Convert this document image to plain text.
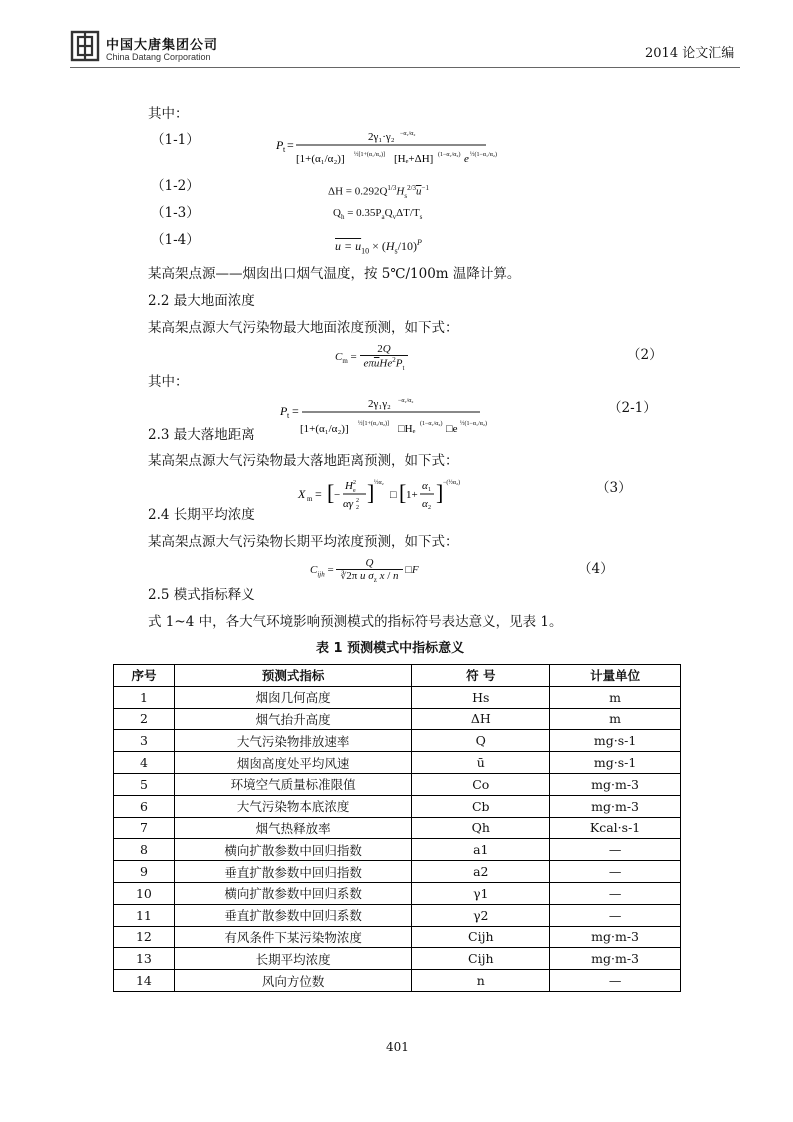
中国大唐集团公司
China Datang Corporation	2014 论文汇编
其中：
（1-1）	P t =
2γ₁·γ₂ −α₁/α₂
[1+(α₁/α₂)] ½[1+(α₁/α₂)] [Hₑ+ΔH] (1−α₁/α₂) e ½(1−α₁/α₂)
（1-2）	$\Delta H = 0.292Q^{1/3}H_s^{2/3}\overline{u}^{-1}$
（1-3）	$Q_h = 0.35P_aQ_v\Delta T/T_s$
（1-4）	$u = u_{10} \times (H_s/10)^P$
某高架点源——烟囱出口烟气温度，按 5℃/100m 温降计算。
2.2 最大地面浓度
某高架点源大气污染物最大地面浓度预测，如下式：
$C_m = \frac{2Q}{e\pi\overline{u}He^2P_t}$	（2）
其中：
P t =	2γ₁γ₂ −α₁/α₂
[1+(α₁/α₂)] ½[1+(α₁/α₂)] □Hₑ (1−α₁/α₂) □e ½(1−α₁/α₂)
（2-1）
2.3 最大落地距离
某高架点源大气污染物最大落地距离预测，如下式：
X m = [ −
H 2
e
αγ 2
2
] ½α₂
□ [ 1+
α 1
α 2
] −(½α₂)	（3）
2.4 长期平均浓度
某高架点源大气污染物长期平均浓度预测，如下式：
$C_{ijh} = \frac{Q}{∛2\pi u \sigma_z x / n}$ □F	（4）
2.5 模式指标释义
式 1~4 中，各大气环境影响预测模式的指标符号表达意义，见表 1。
表 1 预测模式中指标意义
序号	预测式指标	符 号	计量单位
1	烟囱几何高度	Hs	m
2	烟气抬升高度	ΔH	m
3	大气污染物排放速率	Q	mg·s-1
4	烟囱高度处平均风速	ū	mg·s-1
5	环境空气质量标准限值	Co	mg·m-3
6	大气污染物本底浓度	Cb	mg·m-3
7	烟气热释放率	Qh	Kcal·s-1
8	横向扩散参数中回归指数	a1	—
9	垂直扩散参数中回归指数	a2	—
10	横向扩散参数中回归系数	γ1	—
11	垂直扩散参数中回归系数	γ2	—
12	有风条件下某污染物浓度	Cijh	mg·m-3
13	长期平均浓度	Cijh	mg·m-3
14	风向方位数	n	—
401
